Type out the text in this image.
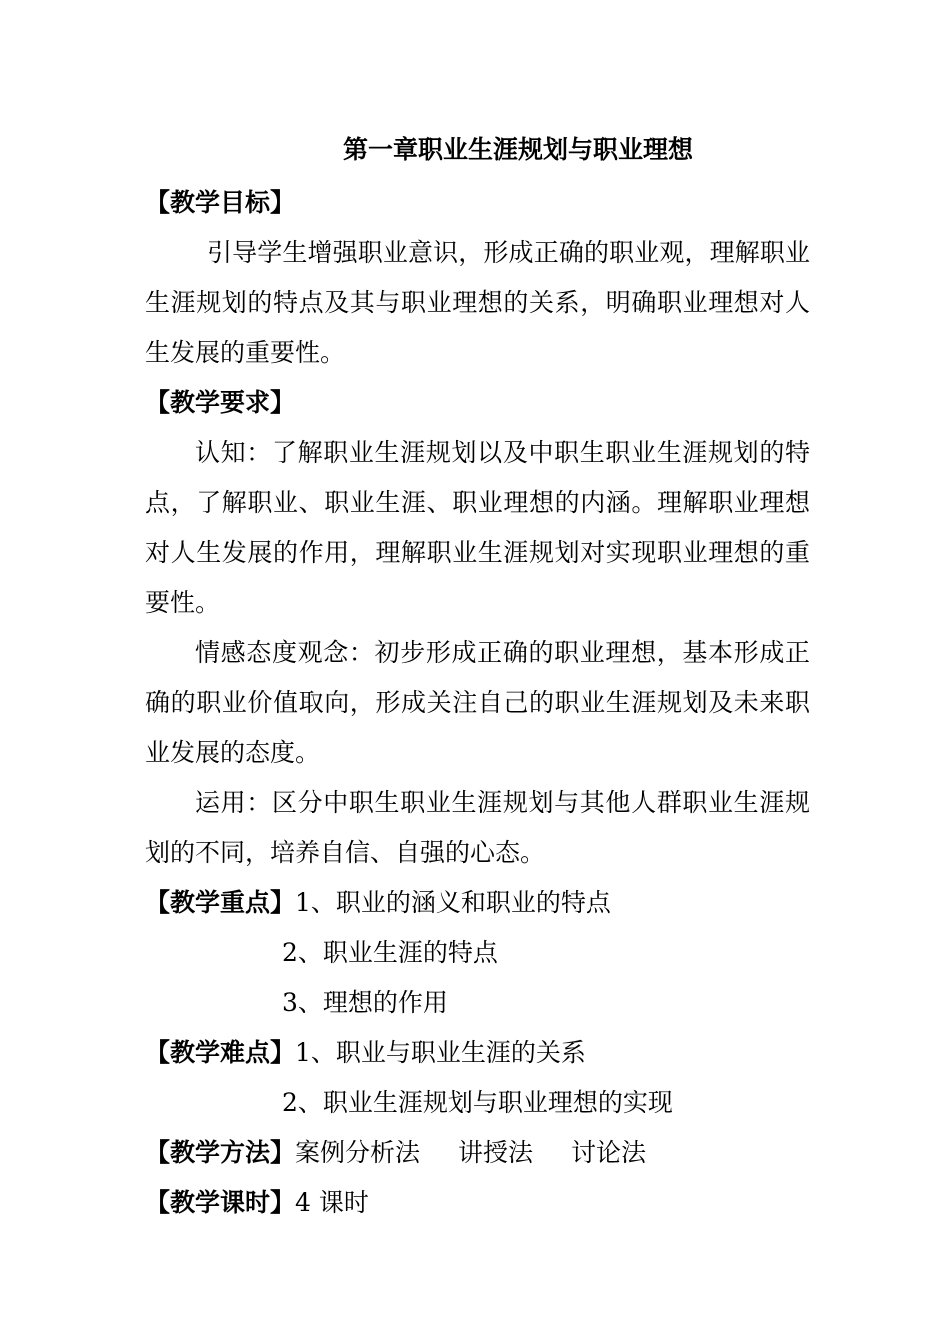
第一章职业生涯规划与职业理想
【教学目标】
引导学生增强职业意识，形成正确的职业观，理解职业生涯规划的特点及其与职业理想的关系，明确职业理想对人生发展的重要性。
【教学要求】
认知：了解职业生涯规划以及中职生职业生涯规划的特点，了解职业、职业生涯、职业理想的内涵。理解职业理想对人生发展的作用，理解职业生涯规划对实现职业理想的重要性。
情感态度观念：初步形成正确的职业理想，基本形成正确的职业价值取向，形成关注自己的职业生涯规划及未来职业发展的态度。
运用：区分中职生职业生涯规划与其他人群职业生涯规划的不同，培养自信、自强的心态。
【教学重点】1、职业的涵义和职业的特点
2、职业生涯的特点
3、理想的作用
【教学难点】1、职业与职业生涯的关系
2、职业生涯规划与职业理想的实现
【教学方法】案例分析法 讲授法 讨论法
【教学课时】4 课时
